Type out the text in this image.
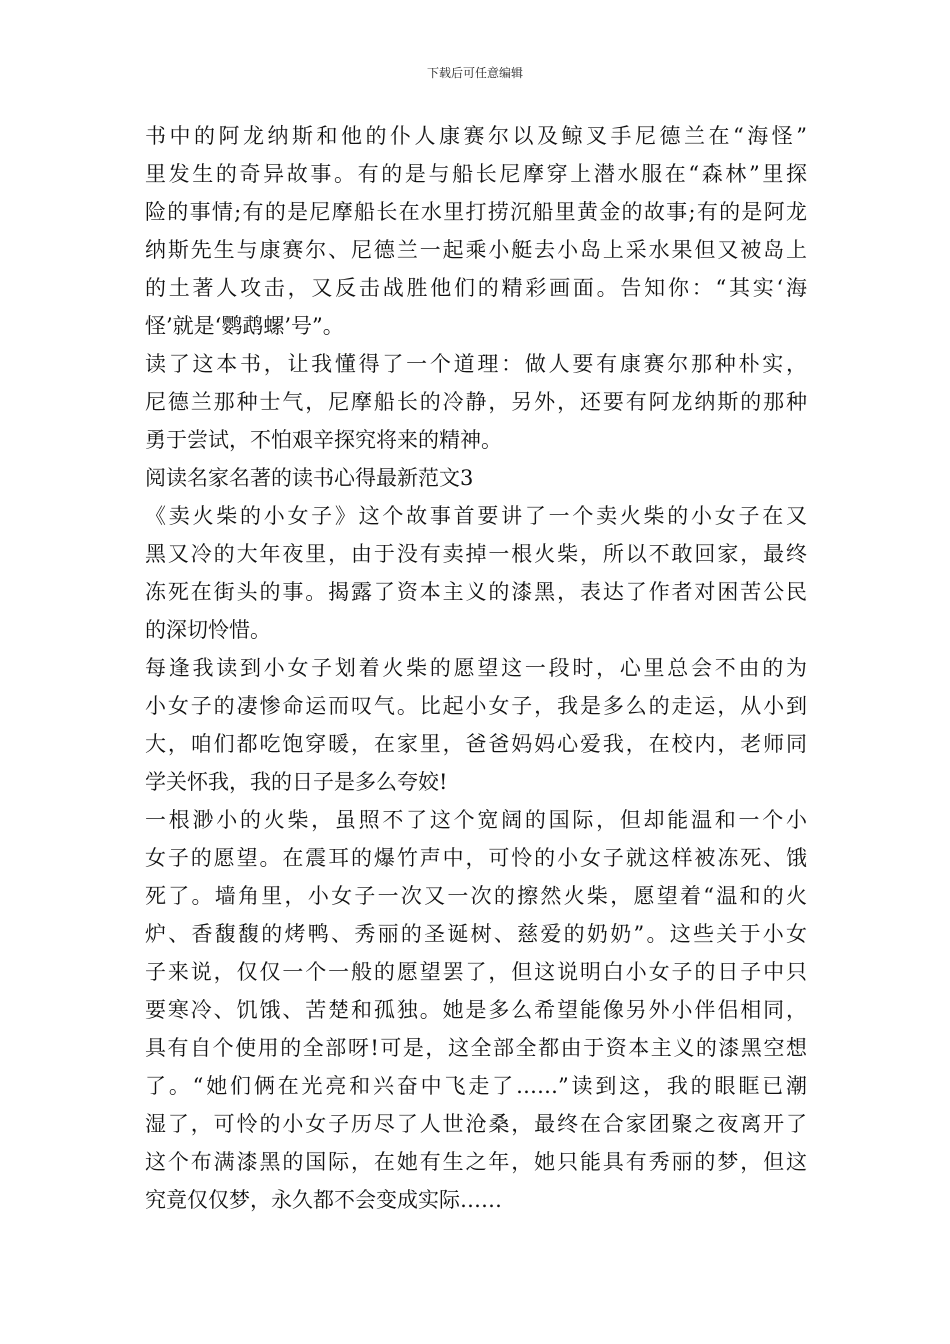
下载后可任意编辑
书中的阿龙纳斯和他的仆人康赛尔以及鲸叉手尼德兰在“海怪”
里发生的奇异故事。有的是与船长尼摩穿上潜水服在“森林”里探
险的事情;有的是尼摩船长在水里打捞沉船里黄金的故事;有的是阿龙
纳斯先生与康赛尔、尼德兰一起乘小艇去小岛上采水果但又被岛上
的土著人攻击，又反击战胜他们的精彩画面。告知你：“其实‘海
怪’就是‘鹦鹉螺’号”。
读了这本书，让我懂得了一个道理：做人要有康赛尔那种朴实，
尼德兰那种士气，尼摩船长的冷静，另外，还要有阿龙纳斯的那种
勇于尝试，不怕艰辛探究将来的精神。
阅读名家名著的读书心得最新范文3
《卖火柴的小女子》这个故事首要讲了一个卖火柴的小女子在又
黑又冷的大年夜里，由于没有卖掉一根火柴，所以不敢回家，最终
冻死在街头的事。揭露了资本主义的漆黑，表达了作者对困苦公民
的深切怜惜。
每逢我读到小女子划着火柴的愿望这一段时，心里总会不由的为
小女子的凄惨命运而叹气。比起小女子，我是多么的走运，从小到
大，咱们都吃饱穿暖，在家里，爸爸妈妈心爱我，在校内，老师同
学关怀我，我的日子是多么夸姣!
一根渺小的火柴，虽照不了这个宽阔的国际，但却能温和一个小
女子的愿望。在震耳的爆竹声中，可怜的小女子就这样被冻死、饿
死了。墙角里，小女子一次又一次的擦然火柴，愿望着“温和的火
炉、香馥馥的烤鸭、秀丽的圣诞树、慈爱的奶奶”。这些关于小女
子来说，仅仅一个一般的愿望罢了，但这说明白小女子的日子中只
要寒冷、饥饿、苦楚和孤独。她是多么希望能像另外小伴侣相同，
具有自个使用的全部呀!可是，这全部全都由于资本主义的漆黑空想
了。“她们俩在光亮和兴奋中飞走了……”读到这，我的眼眶已潮
湿了，可怜的小女子历尽了人世沧桑，最终在合家团聚之夜离开了
这个布满漆黑的国际，在她有生之年，她只能具有秀丽的梦，但这
究竟仅仅梦，永久都不会变成实际……
